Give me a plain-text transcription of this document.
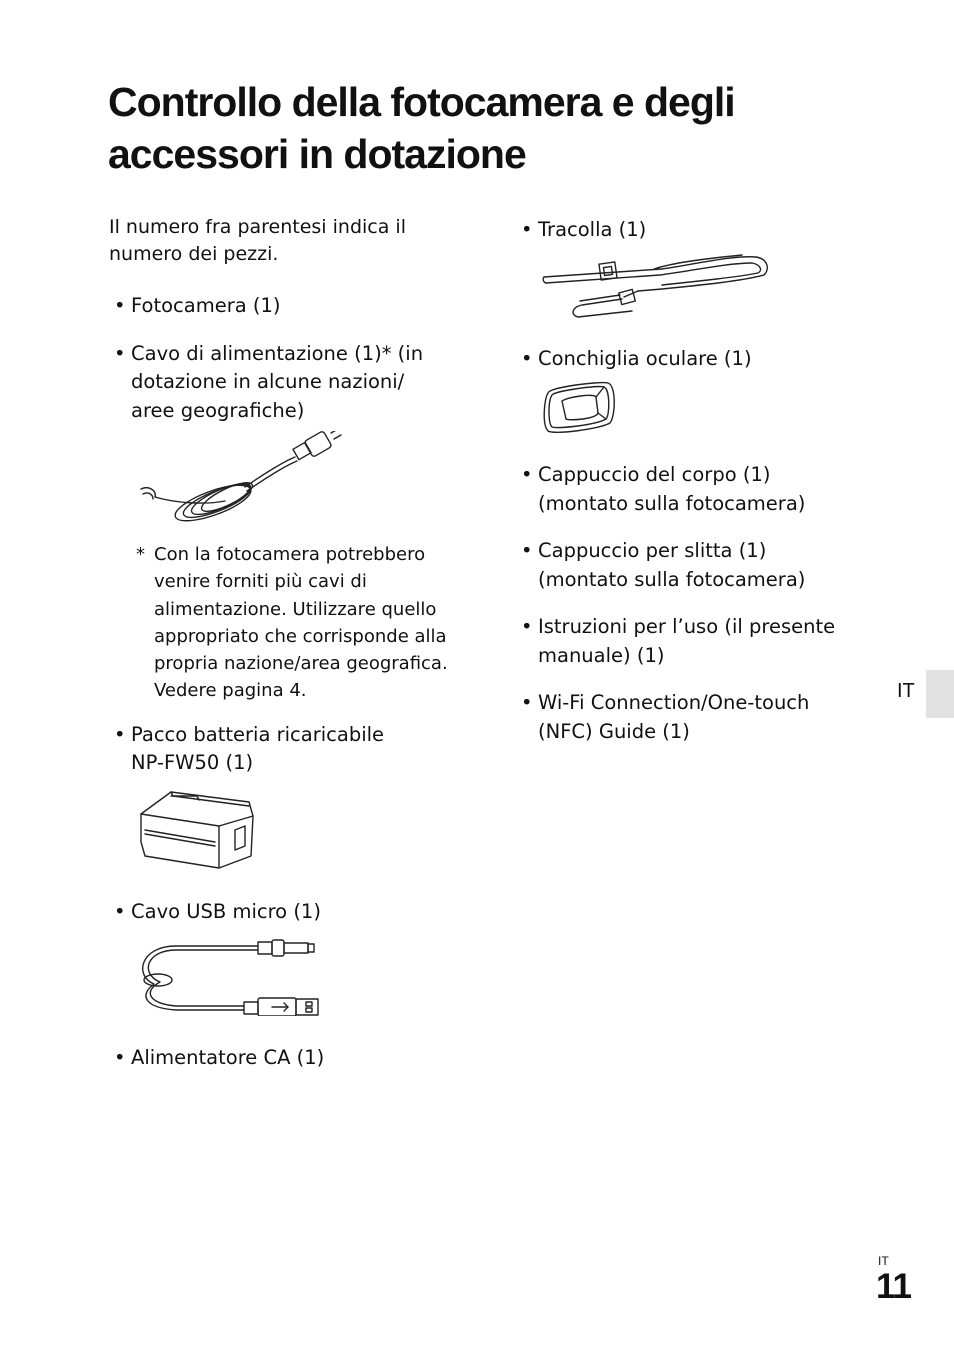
Controllo della fotocamera e degli
accessori in dotazione

Il numero fra parentesi indica il
numero dei pezzi.

• Fotocamera (1)
• Cavo di alimentazione (1)* (in
dotazione in alcune nazioni/
aree geografiche)
* Con la fotocamera potrebbero
venire forniti più cavi di
alimentazione. Utilizzare quello
appropriato che corrisponde alla
propria nazione/area geografica.
Vedere pagina 4.
• Pacco batteria ricaricabile
NP-FW50 (1)
• Cavo USB micro (1)
• Alimentatore CA (1)
• Tracolla (1)
• Conchiglia oculare (1)
• Cappuccio del corpo (1)
(montato sulla fotocamera)
• Cappuccio per slitta (1)
(montato sulla fotocamera)
• Istruzioni per l’uso (il presente
manuale) (1)
• Wi-Fi Connection/One-touch
(NFC) Guide (1)
IT
IT
11
